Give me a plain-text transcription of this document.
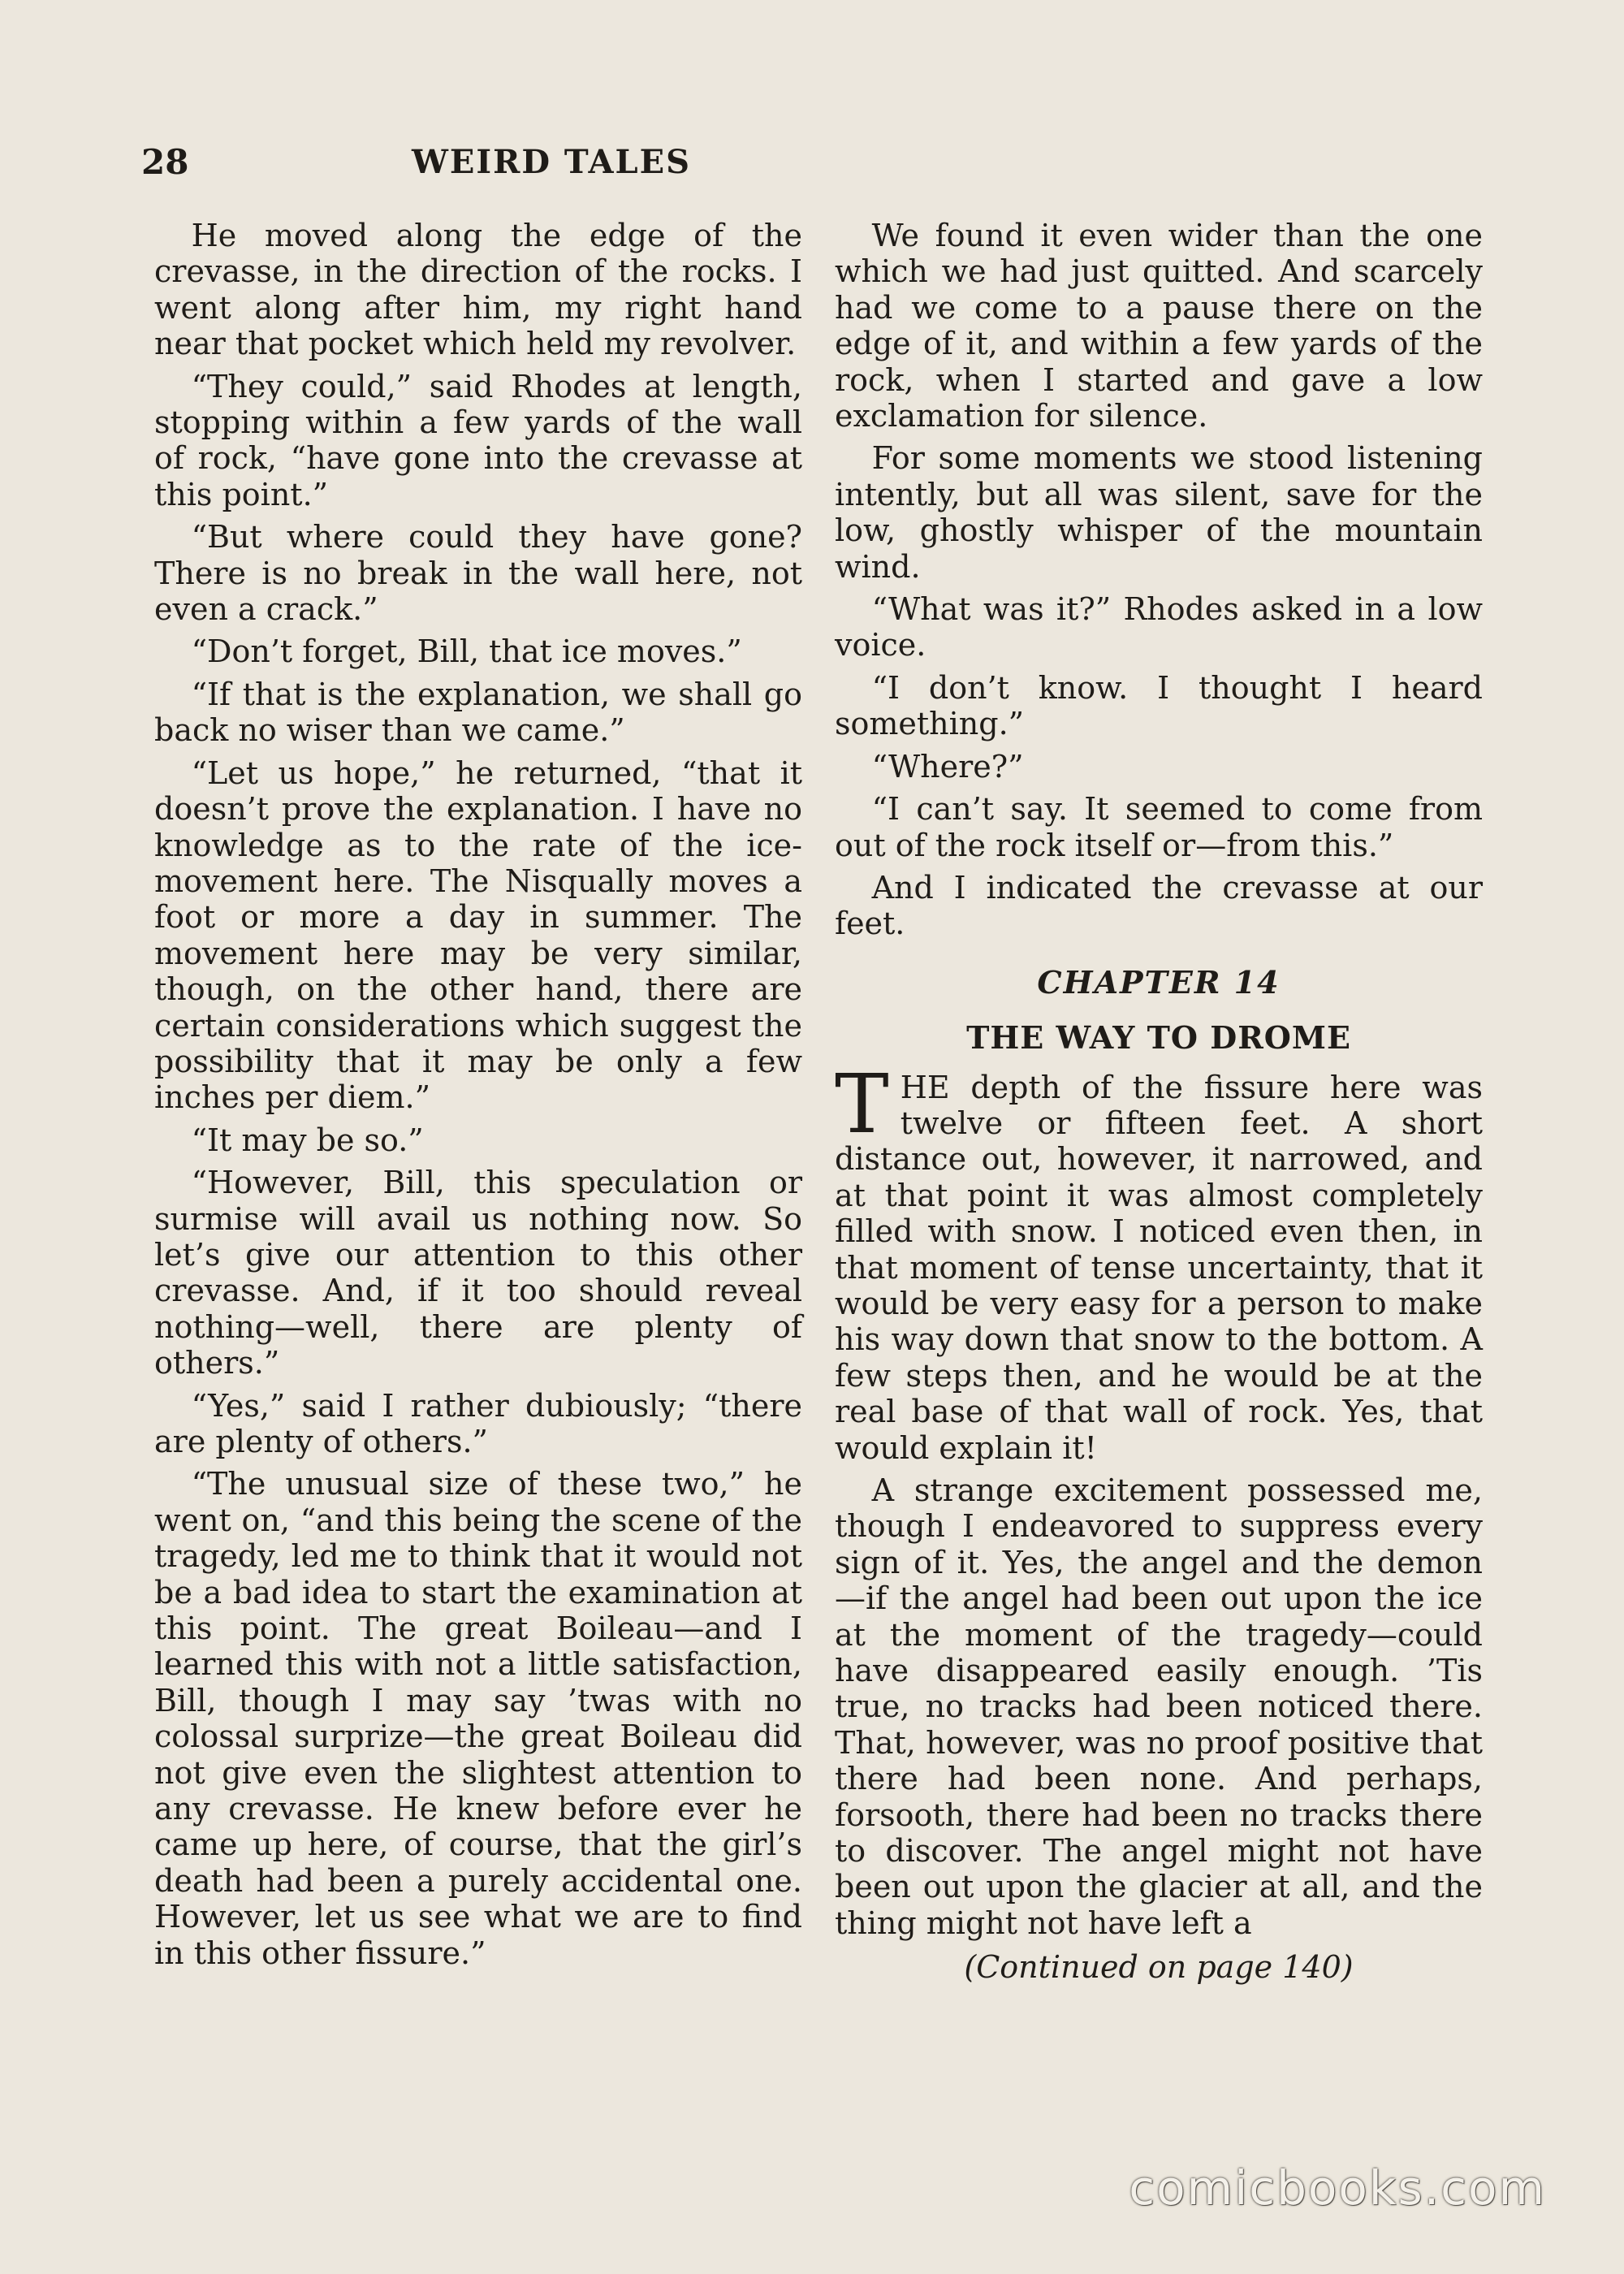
28	WEIRD TALES

He moved along the edge of the crevasse, in the direction of the rocks. I went along after him, my right hand near that pocket which held my revolver.

“They could,” said Rhodes at length, stopping within a few yards of the wall of rock, “have gone into the crevasse at this point.”

“But where could they have gone? There is no break in the wall here, not even a crack.”

“Don’t forget, Bill, that ice moves.”

“If that is the explanation, we shall go back no wiser than we came.”

“Let us hope,” he returned, “that it doesn’t prove the explanation. I have no knowledge as to the rate of the ice-movement here. The Nisqually moves a foot or more a day in summer. The movement here may be very similar, though, on the other hand, there are certain considerations which suggest the possibility that it may be only a few inches per diem.”

“It may be so.”

“However, Bill, this speculation or surmise will avail us nothing now. So let’s give our attention to this other crevasse. And, if it too should reveal nothing—well, there are plenty of others.”

“Yes,” said I rather dubiously; “there are plenty of others.”

“The unusual size of these two,” he went on, “and this being the scene of the tragedy, led me to think that it would not be a bad idea to start the examination at this point. The great Boileau—and I learned this with not a little satisfaction, Bill, though I may say ’twas with no colossal surprize—the great Boileau did not give even the slightest attention to any crevasse. He knew before ever he came up here, of course, that the girl’s death had been a purely accidental one. However, let us see what we are to find in this other fissure.”

We found it even wider than the one which we had just quitted. And scarcely had we come to a pause there on the edge of it, and within a few yards of the rock, when I started and gave a low exclamation for silence.

For some moments we stood listening intently, but all was silent, save for the low, ghostly whisper of the mountain wind.

“What was it?” Rhodes asked in a low voice.

“I don’t know. I thought I heard something.”

“Where?”

“I can’t say. It seemed to come from out of the rock itself or—from this.”

And I indicated the crevasse at our feet.

CHAPTER 14
THE WAY TO DROME

THE depth of the fissure here was twelve or fifteen feet. A short distance out, however, it narrowed, and at that point it was almost completely filled with snow. I noticed even then, in that moment of tense uncertainty, that it would be very easy for a person to make his way down that snow to the bottom. A few steps then, and he would be at the real base of that wall of rock. Yes, that would explain it!

A strange excitement possessed me, though I endeavored to suppress every sign of it. Yes, the angel and the demon—if the angel had been out upon the ice at the moment of the tragedy—could have disappeared easily enough. ’Tis true, no tracks had been noticed there. That, however, was no proof positive that there had been none. And perhaps, forsooth, there had been no tracks there to discover. The angel might not have been out upon the glacier at all, and the thing might not have left a

(Continued on page 140)
comicbooks.com
